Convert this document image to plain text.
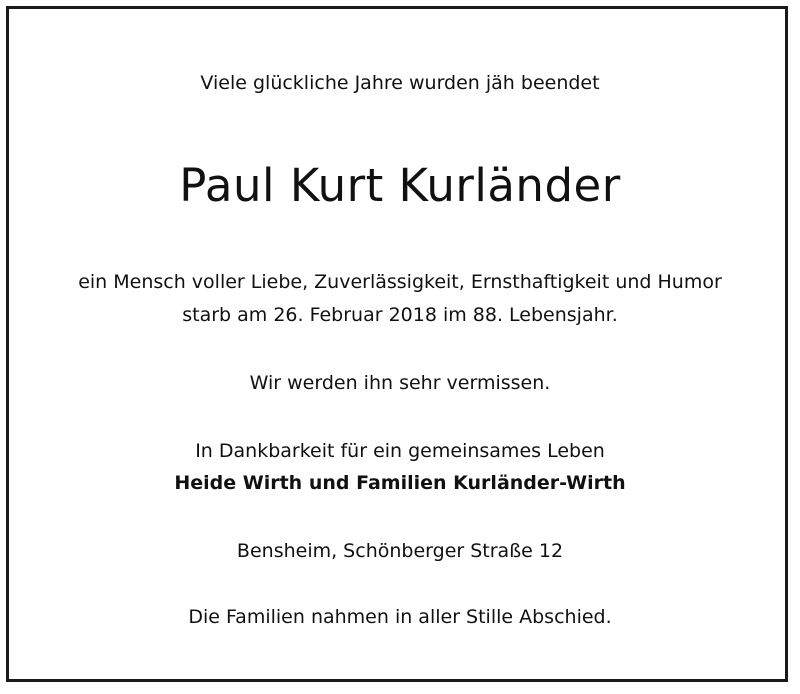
Viele glückliche Jahre wurden jäh beendet
Paul Kurt Kurländer
ein Mensch voller Liebe, Zuverlässigkeit, Ernsthaftigkeit und Humor
starb am 26. Februar 2018 im 88. Lebensjahr.
Wir werden ihn sehr vermissen.
In Dankbarkeit für ein gemeinsames Leben
Heide Wirth und Familien Kurländer-Wirth
Bensheim, Schönberger Straße 12
Die Familien nahmen in aller Stille Abschied.
